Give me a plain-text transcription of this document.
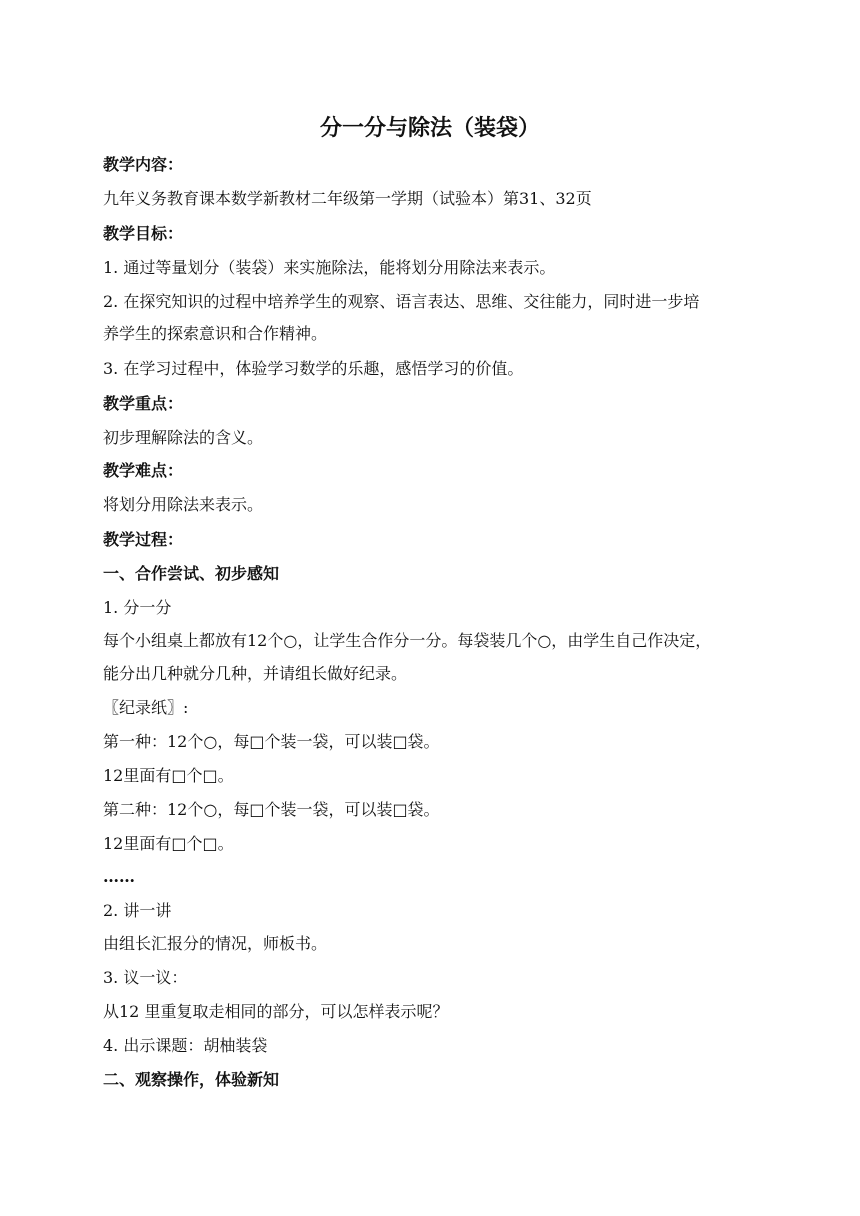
分一分与除法（装袋）
教学内容：
九年义务教育课本数学新教材二年级第一学期（试验本）第31、32页
教学目标：
1. 通过等量划分（装袋）来实施除法，能将划分用除法来表示。
2. 在探究知识的过程中培养学生的观察、语言表达、思维、交往能力，同时进一步培
养学生的探索意识和合作精神。
3. 在学习过程中，体验学习数学的乐趣，感悟学习的价值。
教学重点：
初步理解除法的含义。
教学难点：
将划分用除法来表示。
教学过程：
一、合作尝试、初步感知
1. 分一分
每个小组桌上都放有12个○，让学生合作分一分。每袋装几个○，由学生自己作决定，
能分出几种就分几种，并请组长做好纪录。
〖纪录纸〗:
第一种：12个○，每□个装一袋，可以装□袋。
12里面有□个□。
第二种：12个○，每□个装一袋，可以装□袋。
12里面有□个□。
……
2. 讲一讲
由组长汇报分的情况，师板书。
3. 议一议：
从12 里重复取走相同的部分，可以怎样表示呢？
4. 出示课题：胡柚装袋
二、观察操作，体验新知
